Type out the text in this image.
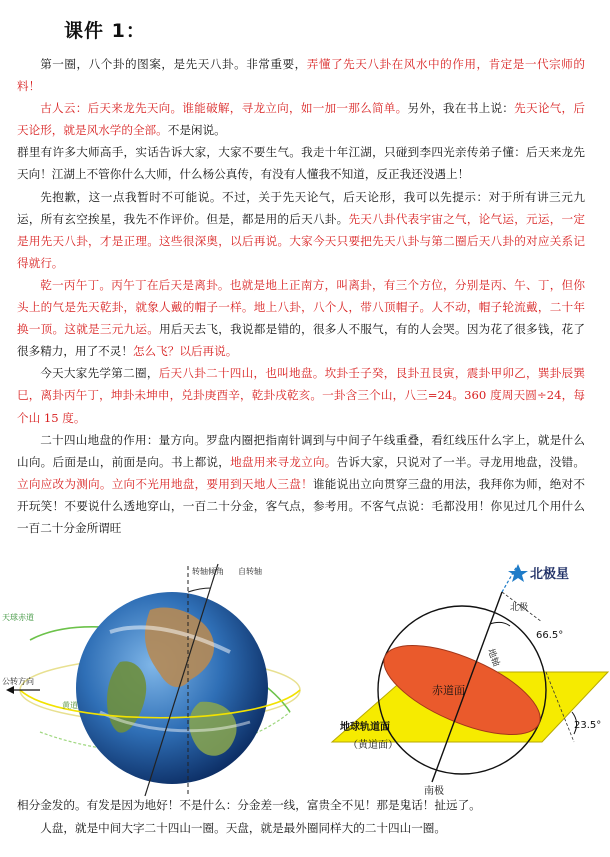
课件 1：

第一圈，八个卦的图案，是先天八卦。非常重要，弄懂了先天八卦在风水中的作用，肯定是一代宗师的料！

古人云：后天来龙先天向。谁能破解，寻龙立向，如一加一那么简单。另外，我在书上说：先天论气，后天论形，就是风水学的全部。不是闲说。

群里有许多大师高手，实话告诉大家，大家不要生气。我走十年江湖，只碰到李四光亲传弟子懂：后天来龙先天向！江湖上不管你什么大师，什么杨公真传，有没有人懂我不知道，反正我还没遇上！

先抱歉，这一点我暂时不可能说。不过，关于先天论气，后天论形，我可以先提示：对于所有讲三元九运，所有玄空挨星，我先不作评价。但是，都是用的后天八卦。先天八卦代表宇宙之气，论气运，元运，一定是用先天八卦，才是正理。这些很深奥，以后再说。大家今天只要把先天八卦与第二圈后天八卦的对应关系记得就行。

乾一丙午丁。丙午丁在后天是离卦。也就是地上正南方，叫离卦，有三个方位，分别是丙、午、丁，但你头上的气是先天乾卦，就象人戴的帽子一样。地上八卦，八个人，带八顶帽子。人不动，帽子轮流戴，二十年换一顶。这就是三元九运。用后天去飞，我说都是错的，很多人不服气，有的人会哭。因为花了很多钱，花了很多精力，用了不灵！怎么飞？以后再说。

今天大家先学第二圈，后天八卦二十四山，也叫地盘。坎卦壬子癸，艮卦丑艮寅，震卦甲卯乙，巽卦辰巽巳，离卦丙午丁，坤卦未坤申，兑卦庚酉辛，乾卦戌乾亥。一卦含三个山，八三=24。360 度周天圆÷24，每个山 15 度。

二十四山地盘的作用：量方向。罗盘内圈把指南针调到与中间子午线重叠，看红线压什么字上，就是什么山向。后面是山，前面是向。书上都说，地盘用来寻龙立向。告诉大家，只说对了一半。寻龙用地盘，没错。立向应改为测向。立向不光用地盘，要用到天地人三盘！谁能说出立向贯穿三盘的用法，我拜你为师，绝对不开玩笑！不要说什么透地穿山，一百二十分金，客气点，参考用。不客气点说：毛都没用！你见过几个用什么一百二十分金所谓旺

转轴倾角 自转轴
天球赤道
公转方向
黄道
北极星
北极
66.5°
地轴
赤道面
地球轨道面
（黄道面）
23.5°
南极

相分金发的。有发是因为地好！不是什么：分金差一线，富贵全不见！那是鬼话！扯远了。

人盘，就是中间大字二十四山一圈。天盘，就是最外圈同样大的二十四山一圈。
